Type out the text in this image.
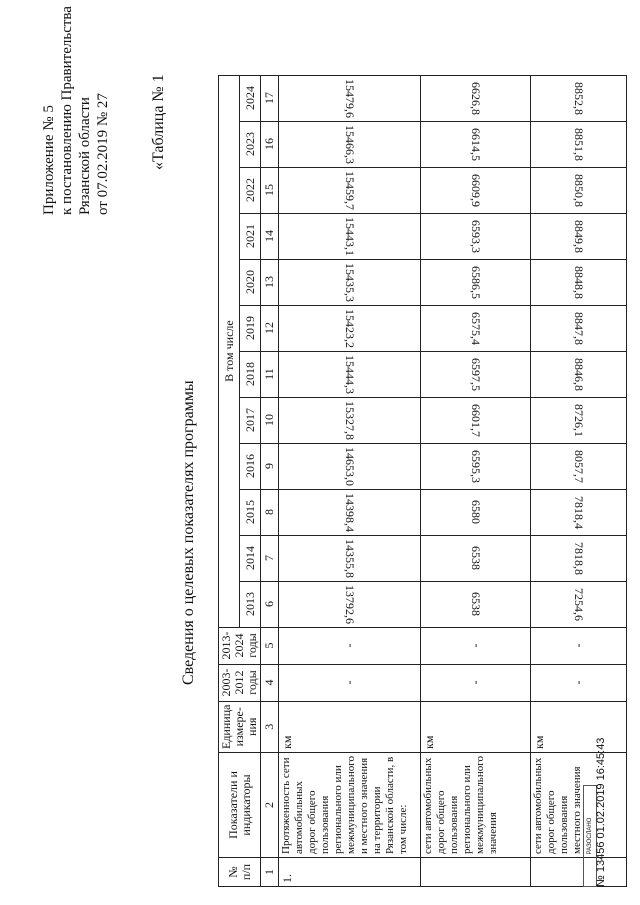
Приложение № 5 к постановлению Правительства Рязанской области от 07.02.2019 № 27 «Таблица № 1
Сведения о целевых показателях программы
№ п/п	Показатели и индикаторы	Единица измере-ния	2003-2012 годы	2013-2024 годы	В том числе											
					2013	2014	2015	2016	2017	2018	2019	2020	2021	2022	2023	2024
1	2	3	4	5	6	7	8	9	10	11	12	13	14	15	16	17
1.	Протяженность сети автомобильных дорог общего пользования регионального или межмуниципального и местного значения на территории Рязанской области, в том числе:	км	-	-	13792,6	14355,8	14398,4	14653,0	15327,8	15444,3	15423,2	15435,3	15443,1	15459,7	15466,3	15479,6
	сети автомобильных дорог общего пользования регионального или межмуниципального значения	км	-	-	6538	6538	6580	6595,3	6601,7	6597,5	6575,4	6586,5	6593,3	6609,9	6614,5	6626,8
	сети автомобильных дорог общего пользования местного значения	км	-	-	7254,6	7818,8	7818,4	8057,7	8726,1	8846,8	8847,8	8848,8	8849,8	8850,8	8851,8	8852,8
РАЗОСЛАНО № 13456 01.02.2019 16:45:43
